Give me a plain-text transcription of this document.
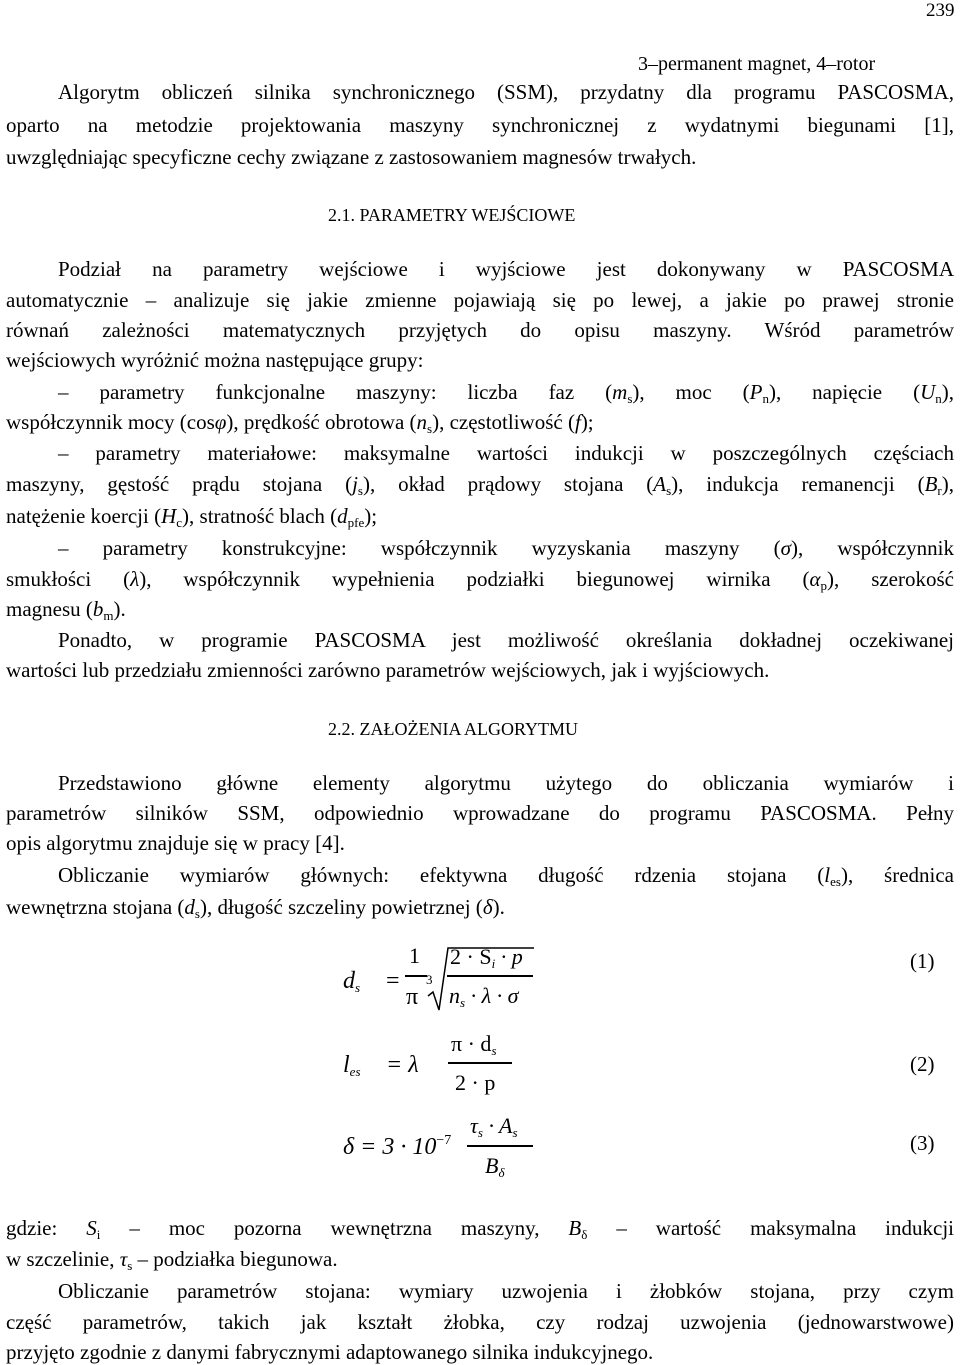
239
3–permanent magnet, 4–rotor
Algorytm obliczeń silnika synchronicznego (SSM), przydatny dla programu PASCOSMA,
oparto na metodzie projektowania maszyny synchronicznej z wydatnymi biegunami [1],
uwzględniając specyficzne cechy związane z zastosowaniem magnesów trwałych.
2.1. PARAMETRY WEJŚCIOWE
Podział na parametry wejściowe i wyjściowe jest dokonywany w PASCOSMA
automatycznie – analizuje się jakie zmienne pojawiają się po lewej, a jakie po prawej stronie
równań zależności matematycznych przyjętych do opisu maszyny. Wśród parametrów
wejściowych wyróżnić można następujące grupy:
– parametry funkcjonalne maszyny: liczba faz $(m_s)$, moc $(P_n)$, napięcie $(U_n)$,
współczynnik mocy (cosφ), prędkość obrotowa $(n_s)$, częstotliwość (f);
– parametry materiałowe: maksymalne wartości indukcji w poszczególnych częściach
maszyny, gęstość prądu stojana $(j_s)$, okład prądowy stojana $(A_s)$, indukcja remanencji $(B_r)$,
natężenie koercji $(H_c)$, stratność blach $(d_{pfe})$;
– parametry konstrukcyjne: współczynnik wyzyskania maszyny (σ), współczynnik
smukłości (λ), współczynnik wypełnienia podziałki biegunowej wirnika $(\alpha_p)$, szerokość
magnesu $(b_m)$.
Ponadto, w programie PASCOSMA jest możliwość określania dokładnej oczekiwanej
wartości lub przedziału zmienności zarówno parametrów wejściowych, jak i wyjściowych.
2.2. ZAŁOŻENIA ALGORYTMU
Przedstawiono główne elementy algorytmu użytego do obliczania wymiarów i
parametrów silników SSM, odpowiednio wprowadzane do programu PASCOSMA. Pełny
opis algorytmu znajduje się w pracy [4].
Obliczanie wymiarów głównych: efektywna długość rdzenia stojana $(l_{es})$, średnica
wewnętrzna stojana $(d_s)$, długość szczeliny powietrznej (δ).
$d_s$ =
1
π
3
$2 \cdot S_i \cdot p$
$n_s \cdot \lambda \cdot \sigma$
(1)
$l_{es} = \lambda$
$\pi \cdot d_s$
2 · p
(2)
$\delta = 3 \cdot 10^{-7}$
$\tau_s \cdot A_s$
$B_\delta$
(3)
gdzie: $S_i$ – moc pozorna wewnętrzna maszyny, $B_\delta$ – wartość maksymalna indukcji
w szczelinie, $\tau_s$ – podziałka biegunowa.
Obliczanie parametrów stojana: wymiary uzwojenia i żłobków stojana, przy czym
część parametrów, takich jak kształt żłobka, czy rodzaj uzwojenia (jednowarstwowe)
przyjęto zgodnie z danymi fabrycznymi adaptowanego silnika indukcyjnego.
